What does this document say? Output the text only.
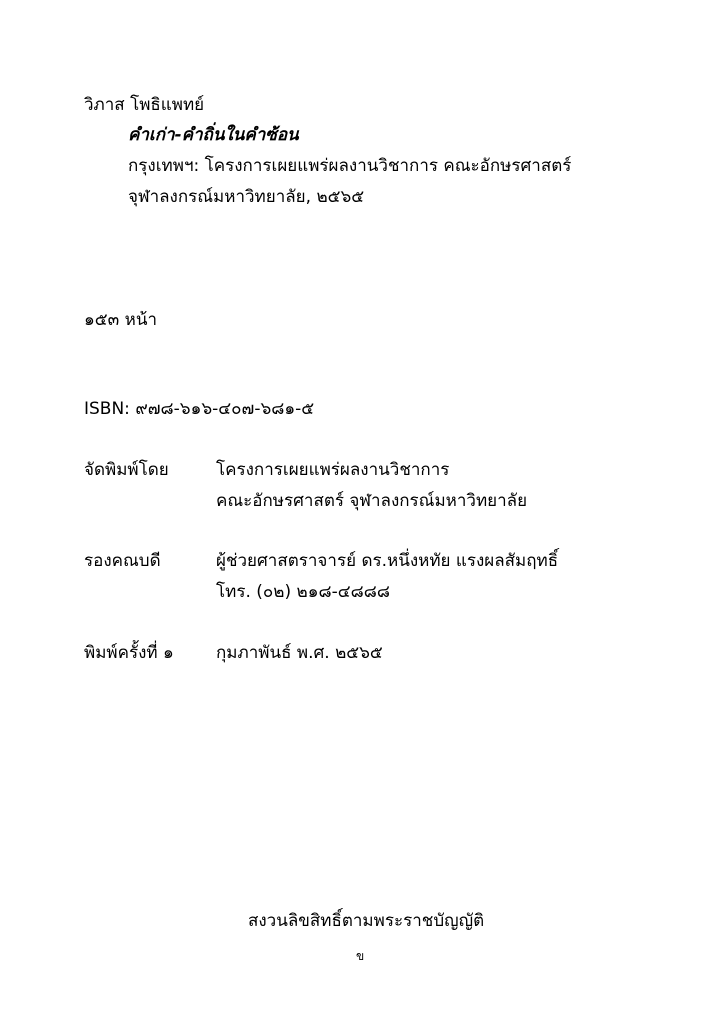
วิภาส โพธิแพทย์
คำเก่า-คำถิ่นในคำซ้อน
กรุงเทพฯ: โครงการเผยแพร่ผลงานวิชาการ คณะอักษรศาสตร์
จุฬาลงกรณ์มหาวิทยาลัย, ๒๕๖๕
๑๕๓ หน้า
ISBN: ๙๗๘-๖๑๖-๔๐๗-๖๘๑-๕
จัดพิมพ์โดย	โครงการเผยแพร่ผลงานวิชาการ
คณะอักษรศาสตร์ จุฬาลงกรณ์มหาวิทยาลัย
รองคณบดี	ผู้ช่วยศาสตราจารย์ ดร.หนึ่งหทัย แรงผลสัมฤทธิ์
โทร. (๐๒) ๒๑๘-๔๘๘๘
พิมพ์ครั้งที่ ๑ กุมภาพันธ์ พ.ศ. ๒๕๖๕
สงวนลิขสิทธิ์ตามพระราชบัญญัติ
ข
